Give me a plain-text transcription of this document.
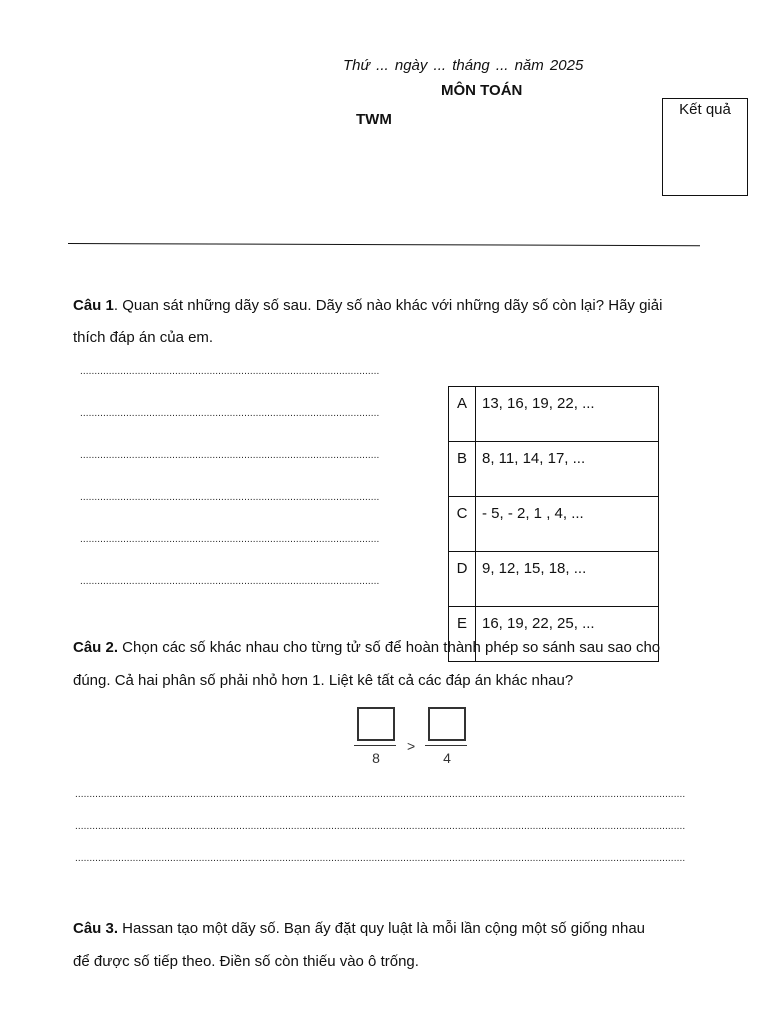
Thứ ... ngày ... tháng ... năm 2025
MÔN TOÁN
TWM
Kết quả
Câu 1. Quan sát những dãy số sau. Dãy số nào khác với những dãy số còn lại? Hãy giải
thích đáp án của em.
........................................................................................................
........................................................................................................
........................................................................................................
........................................................................................................
........................................................................................................
........................................................................................................
A	13, 16, 19, 22, ...
B	8, 11, 14, 17, ...
C	- 5, - 2, 1 , 4, ...
D	9, 12, 15, 18, ...
E	16, 19, 22, 25, ...
Câu 2. Chọn các số khác nhau cho từng tử số để hoàn thành phép so sánh sau sao cho
đúng. Cả hai phân số phải nhỏ hơn 1. Liệt kê tất cả các đáp án khác nhau?
8
>
4
....................................................................................................................................................................................................................
....................................................................................................................................................................................................................
....................................................................................................................................................................................................................
Câu 3. Hassan tạo một dãy số. Bạn ấy đặt quy luật là mỗi lần cộng một số giống nhau
để được số tiếp theo. Điền số còn thiếu vào ô trống.
